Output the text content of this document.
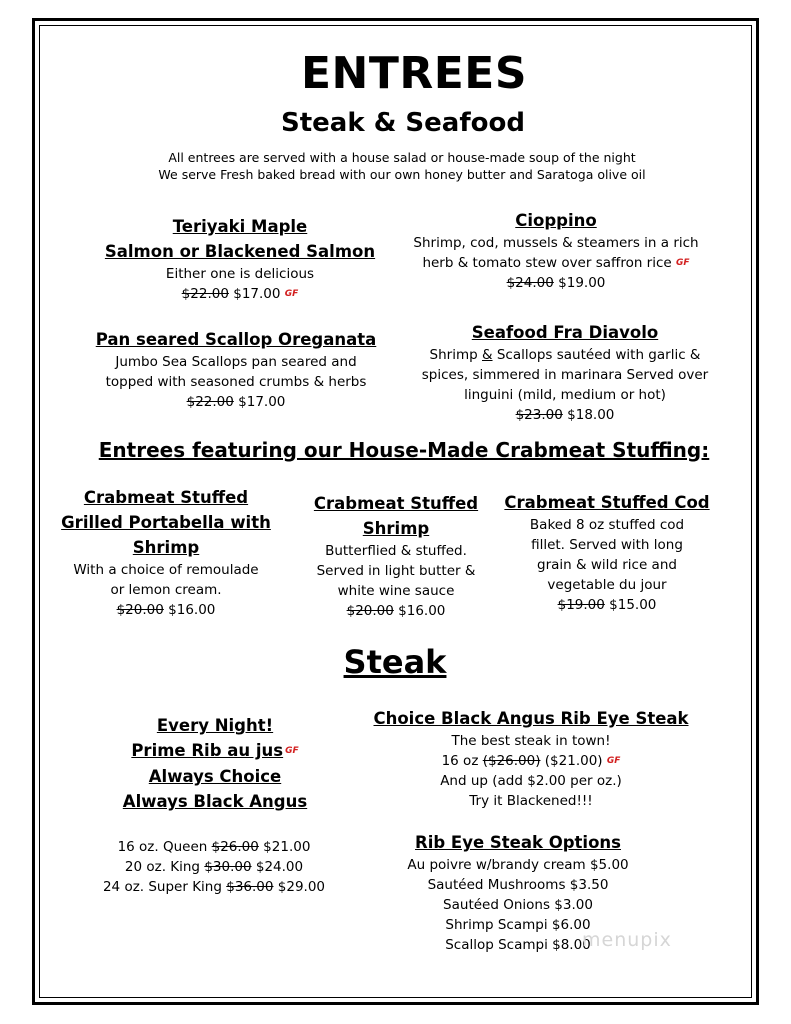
ENTREES
Steak & Seafood
All entrees are served with a house salad or house-made soup of the night
We serve Fresh baked bread with our own honey butter and Saratoga olive oil
Teriyaki Maple
Salmon or Blackened Salmon
Either one is delicious
$22.00 $17.00 GF
Cioppino
Shrimp, cod, mussels & steamers in a rich
herb & tomato stew over saffron rice GF
$24.00 $19.00
Pan seared Scallop Oreganata
Jumbo Sea Scallops pan seared and
topped with seasoned crumbs & herbs
$22.00 $17.00
Seafood Fra Diavolo
Shrimp & Scallops sautéed with garlic &
spices, simmered in marinara Served over
linguini (mild, medium or hot)
$23.00 $18.00
Entrees featuring our House-Made Crabmeat Stuffing:
Crabmeat Stuffed
Grilled Portabella with
Shrimp
With a choice of remoulade
or lemon cream.
$20.00 $16.00
Crabmeat Stuffed
Shrimp
Butterflied & stuffed.
Served in light butter &
white wine sauce
$20.00 $16.00
Crabmeat Stuffed Cod
Baked 8 oz stuffed cod
fillet. Served with long
grain & wild rice and
vegetable du jour
$19.00 $15.00
Steak
Every Night!
Prime Rib au jus GF
Always Choice
Always Black Angus
16 oz. Queen $26.00 $21.00
20 oz. King $30.00 $24.00
24 oz. Super King $36.00 $29.00
Choice Black Angus Rib Eye Steak
The best steak in town!
16 oz ($26.00) ($21.00) GF
And up (add $2.00 per oz.)
Try it Blackened!!!
Rib Eye Steak Options
Au poivre w/brandy cream $5.00
Sautéed Mushrooms $3.50
Sautéed Onions $3.00
Shrimp Scampi $6.00
Scallop Scampi $8.00
menupix
